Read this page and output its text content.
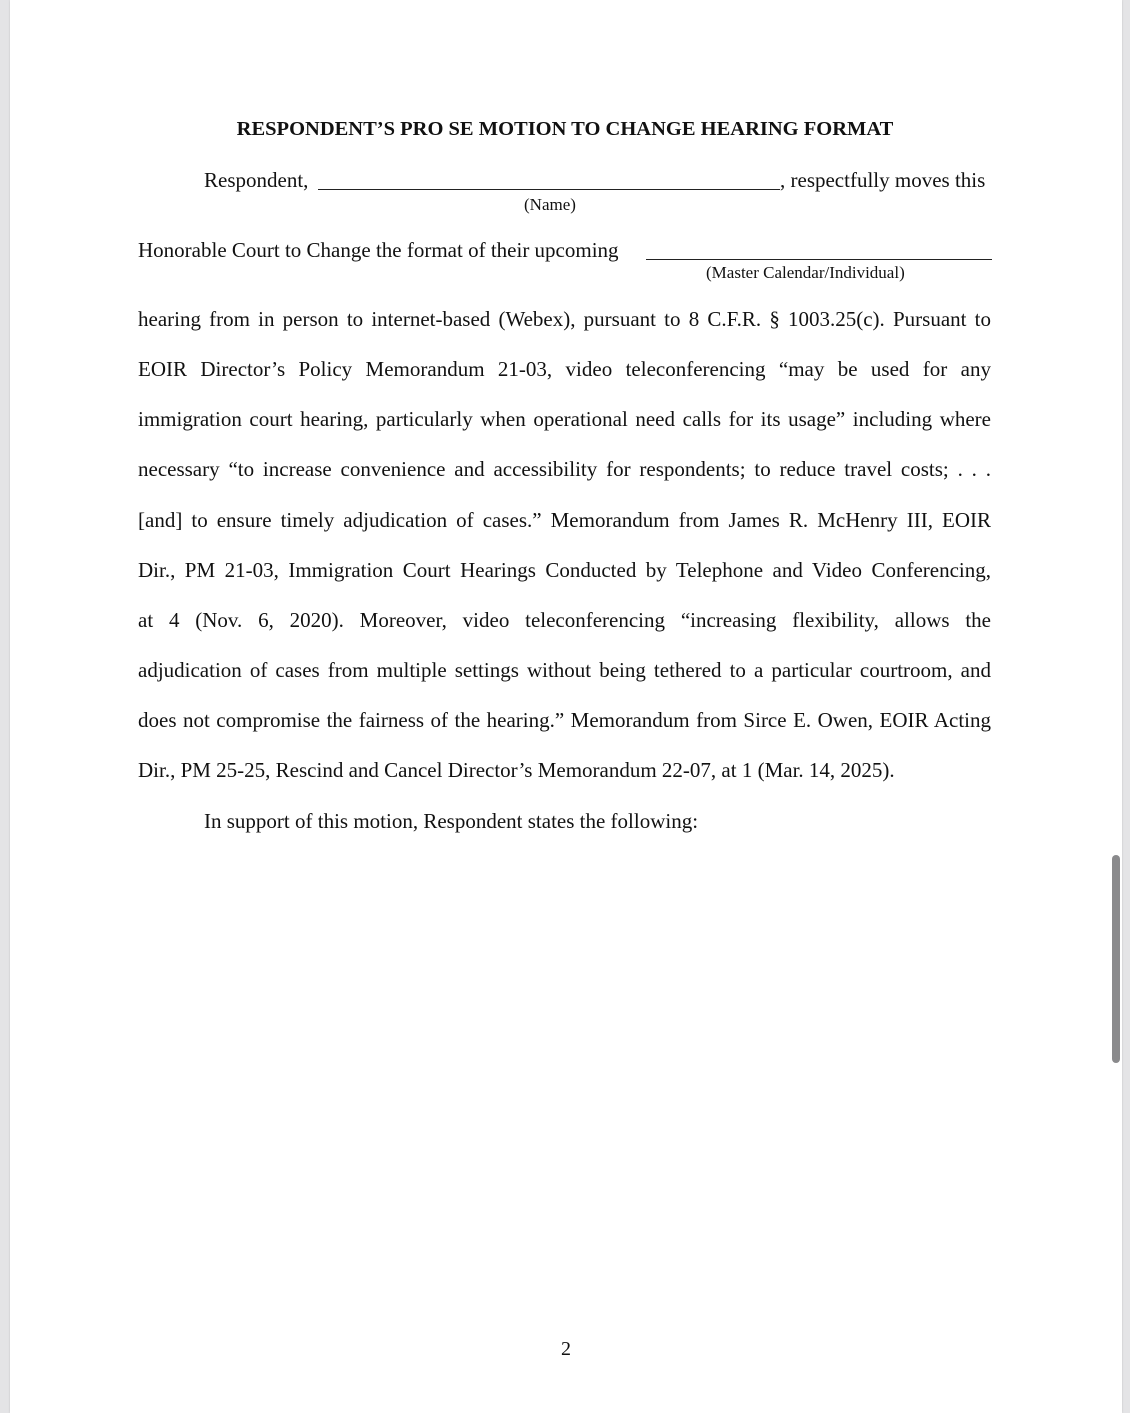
RESPONDENT’S PRO SE MOTION TO CHANGE HEARING FORMAT
Respondent,	, respectfully moves this
(Name)
Honorable Court to Change the format of their upcoming
(Master Calendar/Individual)
hearing from in person to internet-based (Webex), pursuant to 8 C.F.R. § 1003.25(c). Pursuant to
EOIR Director’s Policy Memorandum 21-03, video teleconferencing “may be used for any
immigration court hearing, particularly when operational need calls for its usage” including where
necessary “to increase convenience and accessibility for respondents; to reduce travel costs; . . .
[and] to ensure timely adjudication of cases.” Memorandum from James R. McHenry III, EOIR
Dir., PM 21-03, Immigration Court Hearings Conducted by Telephone and Video Conferencing,
at 4 (Nov. 6, 2020). Moreover, video teleconferencing “increasing flexibility, allows the
adjudication of cases from multiple settings without being tethered to a particular courtroom, and
does not compromise the fairness of the hearing.” Memorandum from Sirce E. Owen, EOIR Acting
Dir., PM 25-25, Rescind and Cancel Director’s Memorandum 22-07, at 1 (Mar. 14, 2025).
In support of this motion, Respondent states the following:
2
